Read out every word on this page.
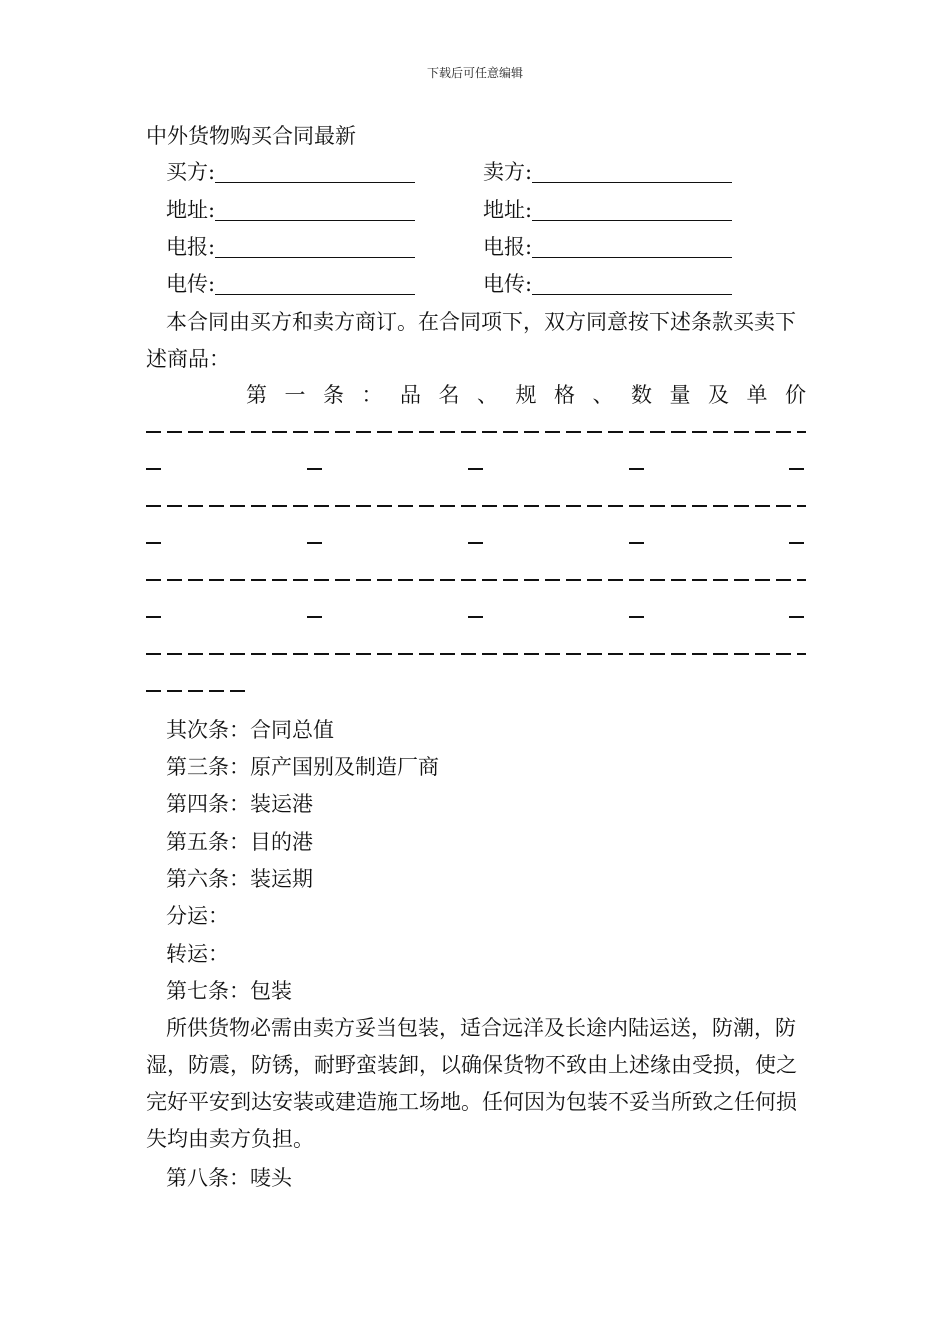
下载后可任意编辑
中外货物购买合同最新
买方:	卖方:
地址:	地址:
电报:	电报:
电传:	电传:
本合同由买方和卖方商订。在合同项下，双方同意按下述条款买卖下述商品：
第 一 条 ： 品 名 、 规 格 、 数 量 及 单 价
其次条：合同总值
第三条：原产国别及制造厂商
第四条：装运港
第五条：目的港
第六条：装运期
分运：
转运：
第七条：包装
所供货物必需由卖方妥当包装，适合远洋及长途内陆运送，防潮，防湿，防震，防锈，耐野蛮装卸，以确保货物不致由上述缘由受损，使之完好平安到达安装或建造施工场地。任何因为包装不妥当所致之任何损失均由卖方负担。
第八条：唛头
